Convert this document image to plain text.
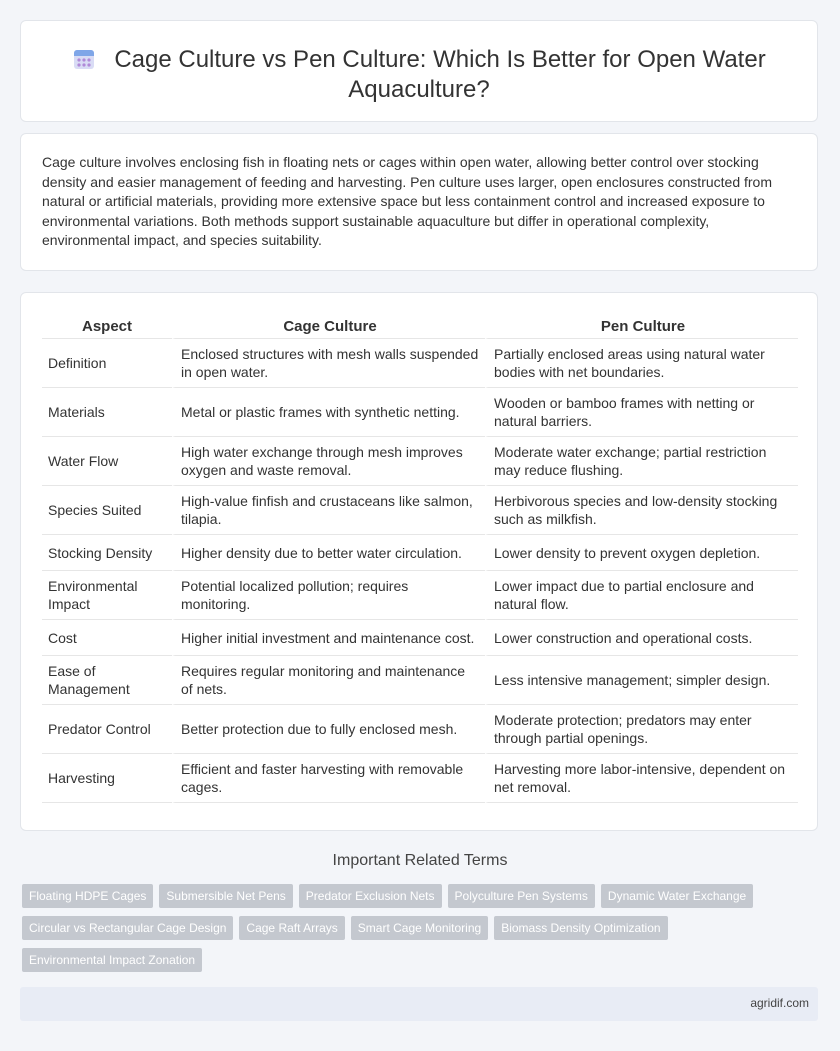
Cage Culture vs Pen Culture: Which Is Better for Open Water
Aquaculture?

Cage culture involves enclosing fish in floating nets or cages within open water, allowing better control over stocking density and easier management of feeding and harvesting. Pen culture uses larger, open enclosures constructed from natural or artificial materials, providing more extensive space but less containment control and increased exposure to environmental variations. Both methods support sustainable aquaculture but differ in operational complexity, environmental impact, and species suitability.

Aspect	Cage Culture	Pen Culture
Definition	Enclosed structures with mesh walls suspended in open water.	Partially enclosed areas using natural water bodies with net boundaries.
Materials	Metal or plastic frames with synthetic netting.	Wooden or bamboo frames with netting or natural barriers.
Water Flow	High water exchange through mesh improves oxygen and waste removal.	Moderate water exchange; partial restriction may reduce flushing.
Species Suited	High-value finfish and crustaceans like salmon, tilapia.	Herbivorous species and low-density stocking such as milkfish.
Stocking Density	Higher density due to better water circulation.	Lower density to prevent oxygen depletion.
Environmental Impact	Potential localized pollution; requires monitoring.	Lower impact due to partial enclosure and natural flow.
Cost	Higher initial investment and maintenance cost.	Lower construction and operational costs.
Ease of Management	Requires regular monitoring and maintenance of nets.	Less intensive management; simpler design.
Predator Control	Better protection due to fully enclosed mesh.	Moderate protection; predators may enter through partial openings.
Harvesting	Efficient and faster harvesting with removable cages.	Harvesting more labor-intensive, dependent on net removal.
Important Related Terms
Floating HDPE Cages	Submersible Net Pens	Predator Exclusion Nets	Polyculture Pen Systems	Dynamic Water Exchange
Circular vs Rectangular Cage Design	Cage Raft Arrays	Smart Cage Monitoring	Biomass Density Optimization
Environmental Impact Zonation
agridif.com
